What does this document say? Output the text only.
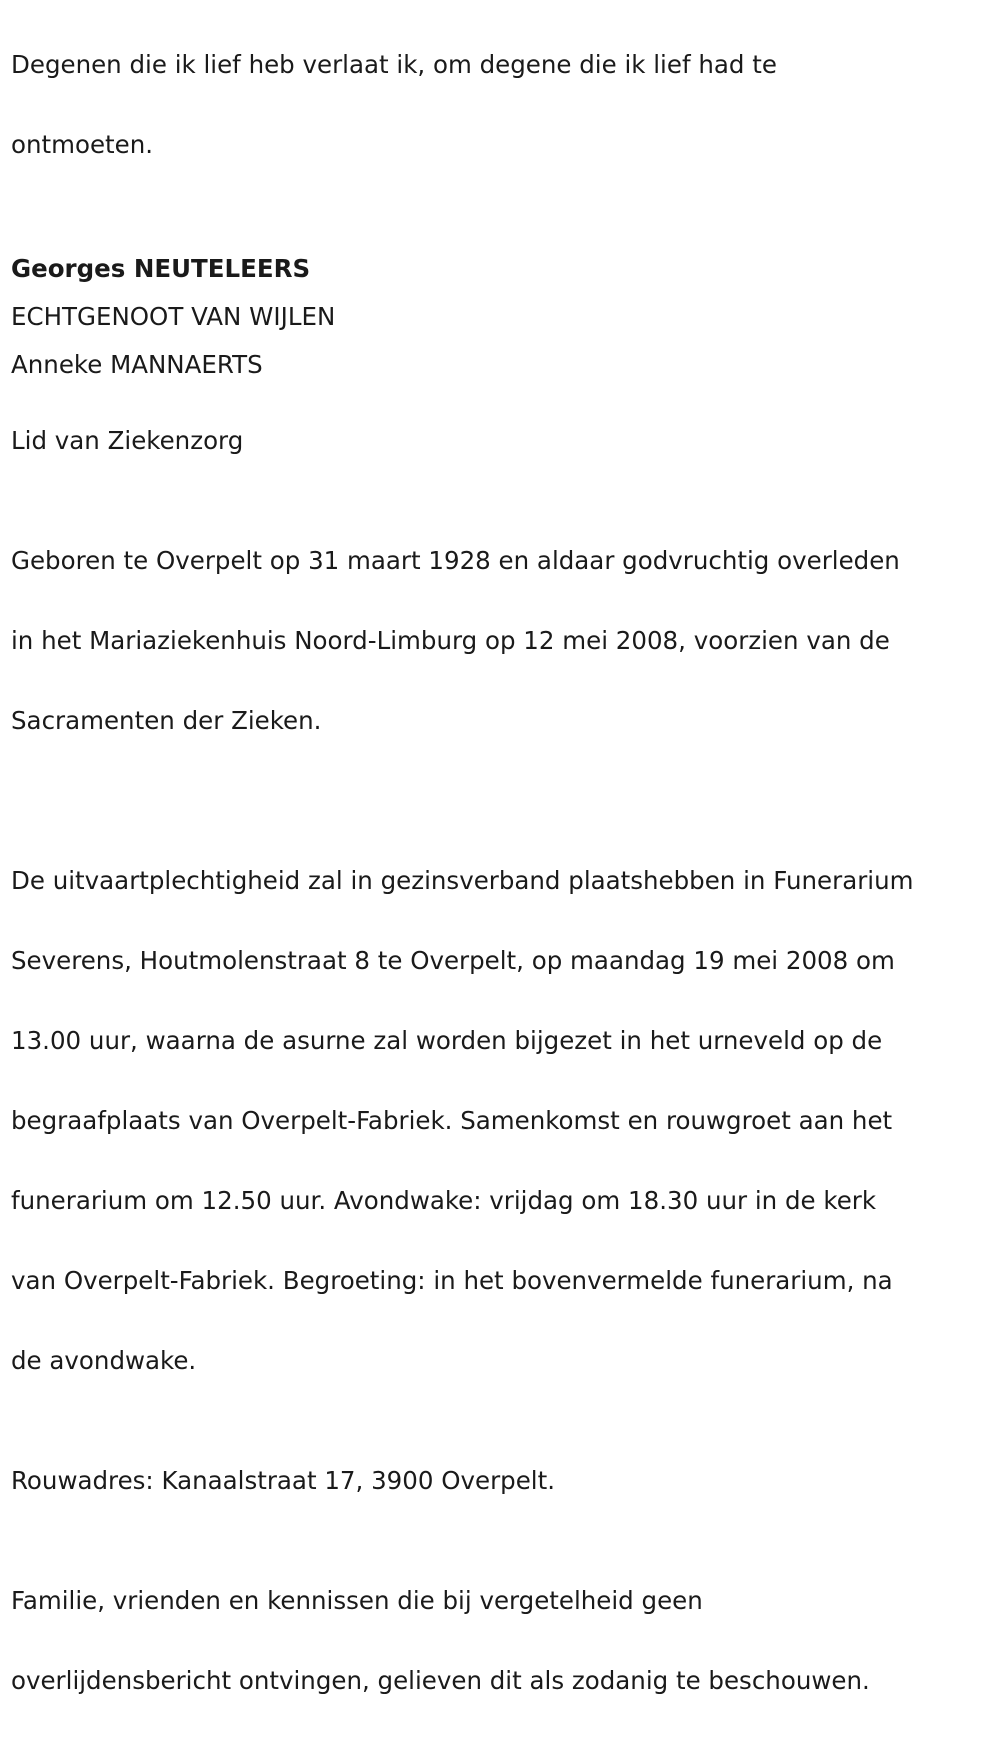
Degenen die ik lief heb verlaat ik, om degene die ik lief had te

ontmoeten.

Georges NEUTELEERS
ECHTGENOOT VAN WIJLEN
Anneke MANNAERTS

Lid van Ziekenzorg

Geboren te Overpelt op 31 maart 1928 en aldaar godvruchtig overleden

in het Mariaziekenhuis Noord-Limburg op 12 mei 2008, voorzien van de

Sacramenten der Zieken.

De uitvaartplechtigheid zal in gezinsverband plaatshebben in Funerarium

Severens, Houtmolenstraat 8 te Overpelt, op maandag 19 mei 2008 om

13.00 uur, waarna de asurne zal worden bijgezet in het urneveld op de

begraafplaats van Overpelt-Fabriek. Samenkomst en rouwgroet aan het

funerarium om 12.50 uur. Avondwake: vrijdag om 18.30 uur in de kerk

van Overpelt-Fabriek. Begroeting: in het bovenvermelde funerarium, na

de avondwake.

Rouwadres: Kanaalstraat 17, 3900 Overpelt.

Familie, vrienden en kennissen die bij vergetelheid geen

overlijdensbericht ontvingen, gelieven dit als zodanig te beschouwen.
